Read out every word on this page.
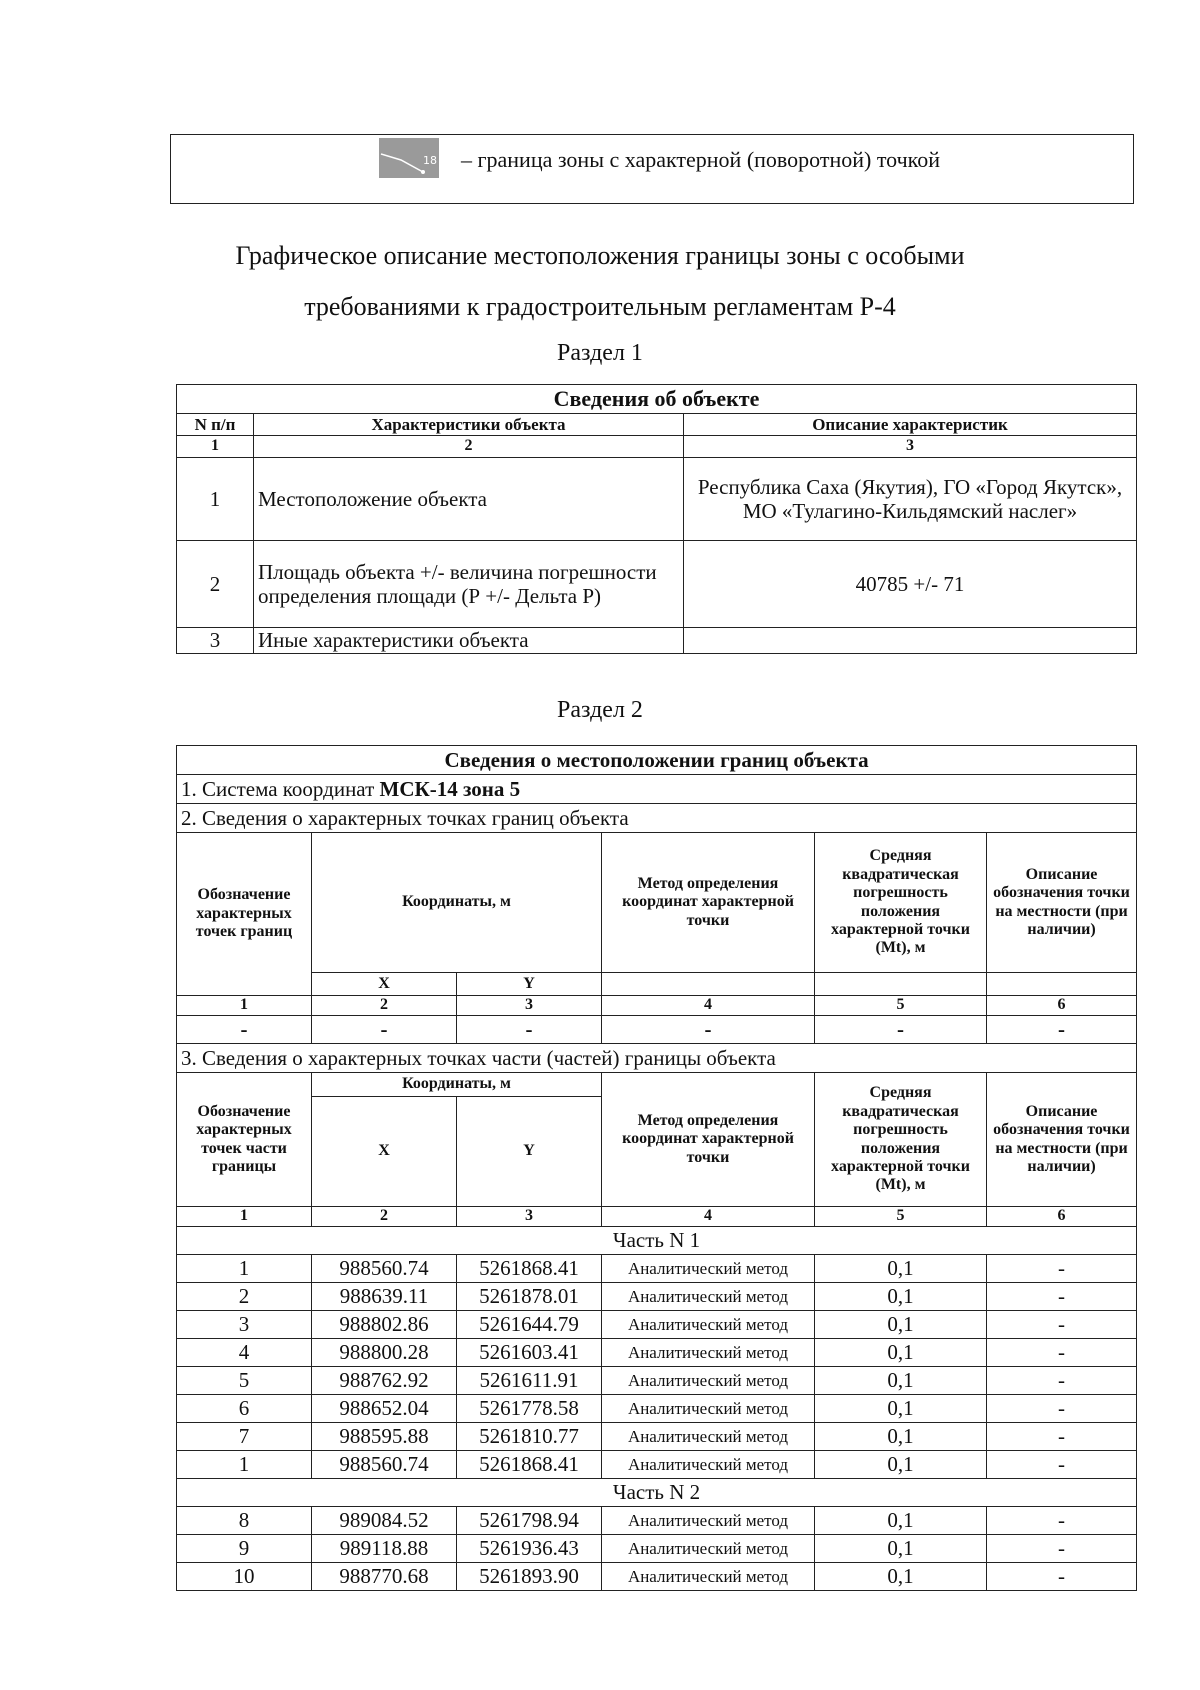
18 – граница зоны с характерной (поворотной) точкой
Графическое описание местоположения границы зоны с особыми
требованиями к градостроительным регламентам Р-4
Раздел 1
Сведения об объекте		
N п/п	Характеристики объекта	Описание характеристик
1	2	3
1	Местоположение объекта	Республика Саха (Якутия), ГО «Город Якутск», МО «Тулагино-Кильдямский наслег»
2	Площадь объекта +/- величина погрешности определения площади (Р +/- Дельта Р)	40785 +/- 71
3	Иные характеристики объекта	
Раздел 2
Сведения о местоположении границ объекта					
1. Система координат МСК-14 зона 5					
2. Сведения о характерных точках границ объекта					
Обозначение характерных точек границ	Координаты, м		Метод определения координат характерной точки	Средняя квадратическая погрешность положения характерной точки (Mt), м	Описание обозначения точки на местности (при наличии)
	X	Y			
1	2	3	4	5	6
-	-	-	-	-	-
3. Сведения о характерных точках части (частей) границы объекта					
Обозначение характерных точек части границы	Координаты, м		Метод определения координат характерной точки	Средняя квадратическая погрешность положения характерной точки (Mt), м	Описание обозначения точки на местности (при наличии)
	X	Y			
1	2	3	4	5	6
Часть N 1					
1	988560.74	5261868.41	Аналитический метод	0,1	-
2	988639.11	5261878.01	Аналитический метод	0,1	-
3	988802.86	5261644.79	Аналитический метод	0,1	-
4	988800.28	5261603.41	Аналитический метод	0,1	-
5	988762.92	5261611.91	Аналитический метод	0,1	-
6	988652.04	5261778.58	Аналитический метод	0,1	-
7	988595.88	5261810.77	Аналитический метод	0,1	-
1	988560.74	5261868.41	Аналитический метод	0,1	-
Часть N 2					
8	989084.52	5261798.94	Аналитический метод	0,1	-
9	989118.88	5261936.43	Аналитический метод	0,1	-
10	988770.68	5261893.90	Аналитический метод	0,1	-
